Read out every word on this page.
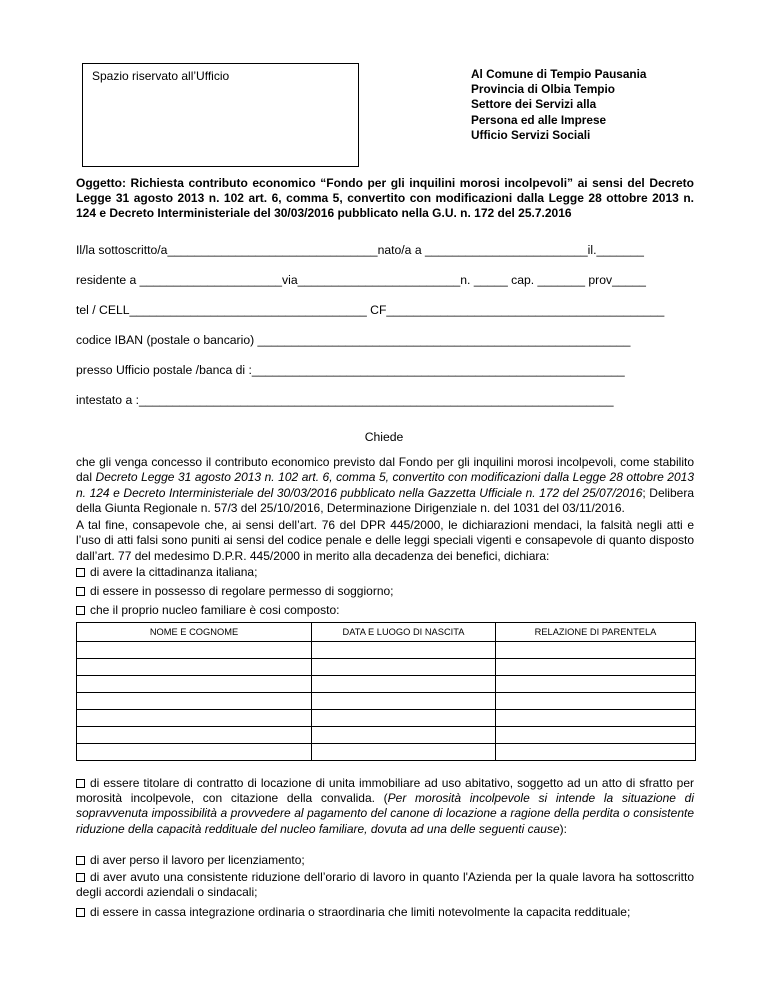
Spazio riservato all’Ufficio	Al Comune di Tempio Pausania
Provincia di Olbia Tempio
Settore dei Servizi alla
Persona ed alle Imprese
Ufficio Servizi Sociali
Oggetto: Richiesta contributo economico “Fondo per gli inquilini morosi incolpevoli” ai sensi del Decreto Legge 31 agosto 2013 n. 102 art. 6, comma 5, convertito con modificazioni dalla Legge 28 ottobre 2013 n. 124 e Decreto Interministeriale del 30/03/2016 pubblicato nella G.U. n. 172 del 25.7.2016
Il/la sottoscritto/a_______________________________nato/a a ________________________il._______
residente a _____________________via________________________n. _____ cap. _______ prov_____
tel / CELL___________________________________ CF_________________________________________
codice IBAN (postale o bancario) _______________________________________________________
presso Ufficio postale /banca di :_______________________________________________________
intestato a :______________________________________________________________________
Chiede
che gli venga concesso il contributo economico previsto dal Fondo per gli inquilini morosi incolpevoli, come stabilito dal Decreto Legge 31 agosto 2013 n. 102 art. 6, comma 5, convertito con modificazioni dalla Legge 28 ottobre 2013 n. 124 e Decreto Interministeriale del 30/03/2016 pubblicato nella Gazzetta Ufficiale n. 172 del 25/07/2016; Delibera della Giunta Regionale n. 57/3 del 25/10/2016, Determinazione Dirigenziale n. del 1031 del 03/11/2016.
A tal fine, consapevole che, ai sensi dell’art. 76 del DPR 445/2000, le dichiarazioni mendaci, la falsità negli atti e l’uso di atti falsi sono puniti ai sensi del codice penale e delle leggi speciali vigenti e consapevole di quanto disposto dall’art. 77 del medesimo D.P.R. 445/2000 in merito alla decadenza dei benefici, dichiara:
di avere la cittadinanza italiana;
di essere in possesso di regolare permesso di soggiorno;
che il proprio nucleo familiare è cosi composto:
NOME E COGNOME	DATA E LUOGO DI NASCITA	RELAZIONE DI PARENTELA

di essere titolare di contratto di locazione di unita immobiliare ad uso abitativo, soggetto ad un atto di sfratto per morosità incolpevole, con citazione della convalida. (Per morosità incolpevole si intende la situazione di sopravvenuta impossibilità a provvedere al pagamento del canone di locazione a ragione della perdita o consistente riduzione della capacità reddituale del nucleo familiare, dovuta ad una delle seguenti cause):
di aver perso il lavoro per licenziamento;
di aver avuto una consistente riduzione dell’orario di lavoro in quanto l'Azienda per la quale lavora ha sottoscritto degli accordi aziendali o sindacali;
di essere in cassa integrazione ordinaria o straordinaria che limiti notevolmente la capacita reddituale;
